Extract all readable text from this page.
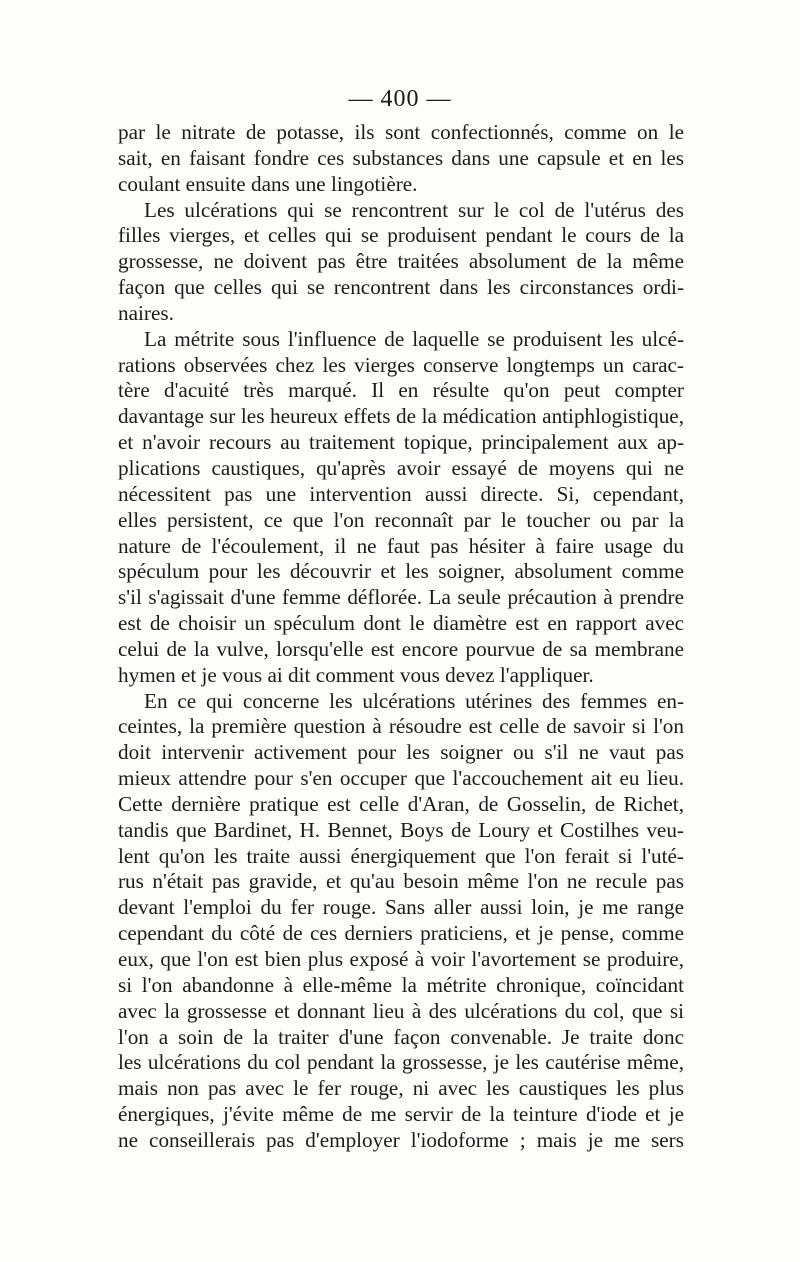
— 400 —
par le nitrate de potasse, ils sont confectionnés, comme on le
sait, en faisant fondre ces substances dans une capsule et en les
coulant ensuite dans une lingotière.
Les ulcérations qui se rencontrent sur le col de l'utérus des
filles vierges, et celles qui se produisent pendant le cours de la
grossesse, ne doivent pas être traitées absolument de la même
façon que celles qui se rencontrent dans les circonstances ordi-
naires.
La métrite sous l'influence de laquelle se produisent les ulcé-
rations observées chez les vierges conserve longtemps un carac-
tère d'acuité très marqué. Il en résulte qu'on peut compter
davantage sur les heureux effets de la médication antiphlogistique,
et n'avoir recours au traitement topique, principalement aux ap-
plications caustiques, qu'après avoir essayé de moyens qui ne
nécessitent pas une intervention aussi directe. Si, cependant,
elles persistent, ce que l'on reconnaît par le toucher ou par la
nature de l'écoulement, il ne faut pas hésiter à faire usage du
spéculum pour les découvrir et les soigner, absolument comme
s'il s'agissait d'une femme déflorée. La seule précaution à prendre
est de choisir un spéculum dont le diamètre est en rapport avec
celui de la vulve, lorsqu'elle est encore pourvue de sa membrane
hymen et je vous ai dit comment vous devez l'appliquer.
En ce qui concerne les ulcérations utérines des femmes en-
ceintes, la première question à résoudre est celle de savoir si l'on
doit intervenir activement pour les soigner ou s'il ne vaut pas
mieux attendre pour s'en occuper que l'accouchement ait eu lieu.
Cette dernière pratique est celle d'Aran, de Gosselin, de Richet,
tandis que Bardinet, H. Bennet, Boys de Loury et Costilhes veu-
lent qu'on les traite aussi énergiquement que l'on ferait si l'uté-
rus n'était pas gravide, et qu'au besoin même l'on ne recule pas
devant l'emploi du fer rouge. Sans aller aussi loin, je me range
cependant du côté de ces derniers praticiens, et je pense, comme
eux, que l'on est bien plus exposé à voir l'avortement se produire,
si l'on abandonne à elle-même la métrite chronique, coïncidant
avec la grossesse et donnant lieu à des ulcérations du col, que si
l'on a soin de la traiter d'une façon convenable. Je traite donc
les ulcérations du col pendant la grossesse, je les cautérise même,
mais non pas avec le fer rouge, ni avec les caustiques les plus
énergiques, j'évite même de me servir de la teinture d'iode et je
ne conseillerais pas d'employer l'iodoforme ; mais je me sers
